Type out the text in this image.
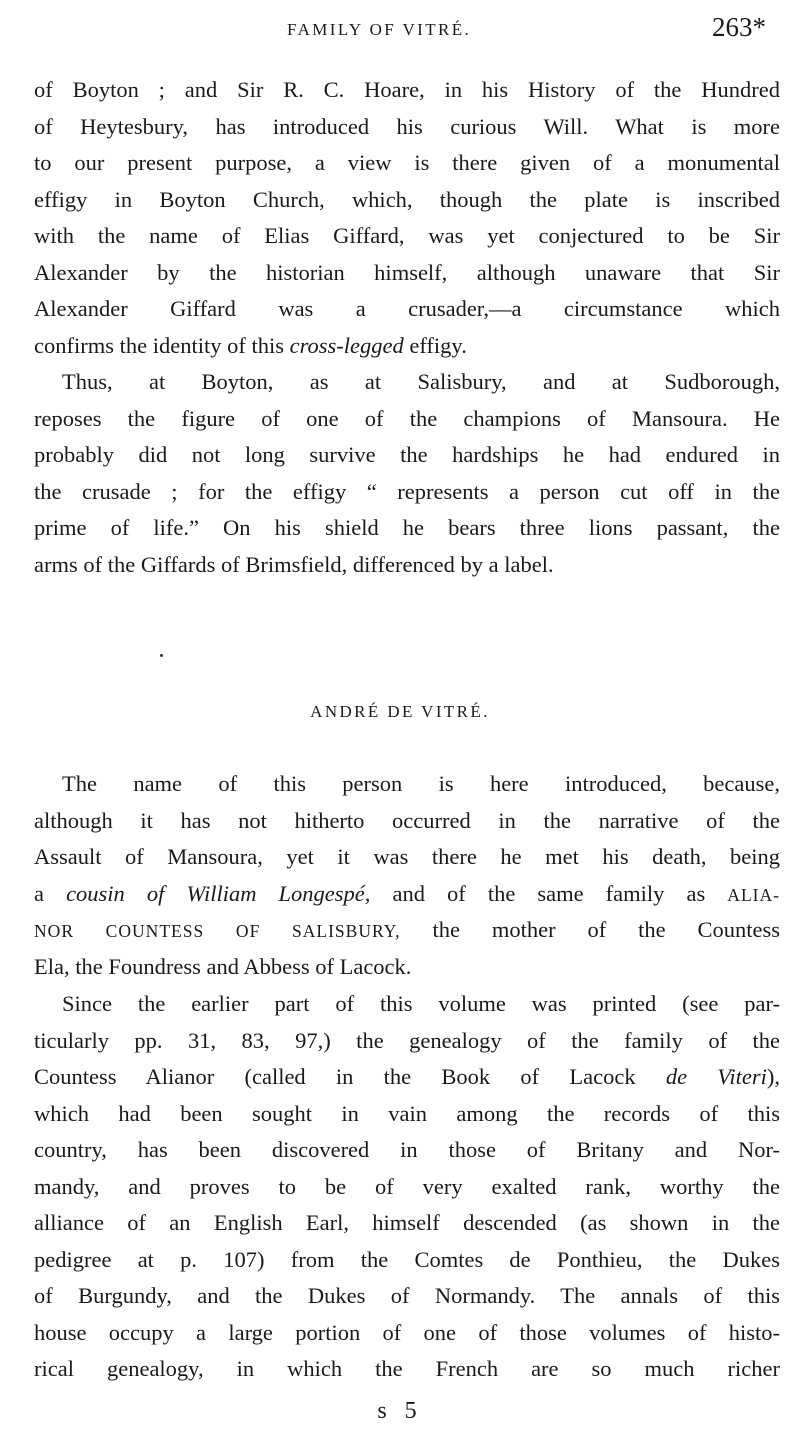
FAMILY OF VITRÉ.	263*
of Boyton ; and Sir R. C. Hoare, in his History of the Hundred
of Heytesbury, has introduced his curious Will. What is more
to our present purpose, a view is there given of a monumental
effigy in Boyton Church, which, though the plate is inscribed
with the name of Elias Giffard, was yet conjectured to be Sir
Alexander by the historian himself, although unaware that Sir
Alexander Giffard was a crusader,—a circumstance which
confirms the identity of this cross-legged effigy.
Thus, at Boyton, as at Salisbury, and at Sudborough,
reposes the figure of one of the champions of Mansoura. He
probably did not long survive the hardships he had endured in
the crusade ; for the effigy “ represents a person cut off in the
prime of life.” On his shield he bears three lions passant, the
arms of the Giffards of Brimsfield, differenced by a label.
ANDRÉ DE VITRÉ.
The name of this person is here introduced, because,
although it has not hitherto occurred in the narrative of the
Assault of Mansoura, yet it was there he met his death, being
a cousin of William Longespé, and of the same family as ALIA-
NOR COUNTESS OF SALISBURY, the mother of the Countess
Ela, the Foundress and Abbess of Lacock.
Since the earlier part of this volume was printed (see par-
ticularly pp. 31, 83, 97,) the genealogy of the family of the
Countess Alianor (called in the Book of Lacock de Viteri),
which had been sought in vain among the records of this
country, has been discovered in those of Britany and Nor-
mandy, and proves to be of very exalted rank, worthy the
alliance of an English Earl, himself descended (as shown in the
pedigree at p. 107) from the Comtes de Ponthieu, the Dukes
of Burgundy, and the Dukes of Normandy. The annals of this
house occupy a large portion of one of those volumes of histo-
rical genealogy, in which the French are so much richer
s 5
